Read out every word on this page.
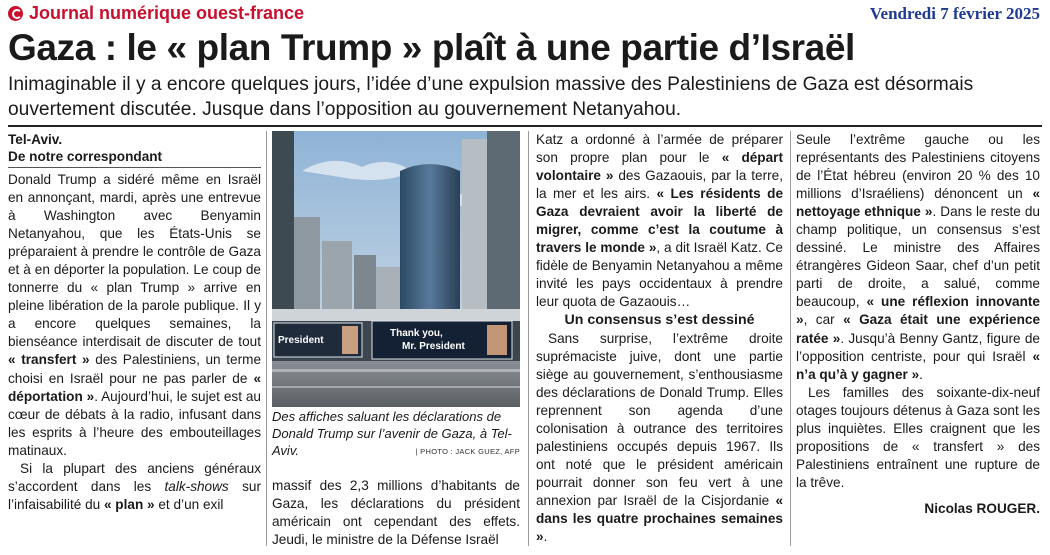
Journal numérique ouest-france	Vendredi 7 février 2025
Gaza : le « plan Trump » plaît à une partie d’Israël
Inimaginable il y a encore quelques jours, l’idée d’une expulsion massive des Palestiniens de Gaza est désormais ouvertement discutée. Jusque dans l’opposition au gouvernement Netanyahou.
Tel-Aviv.
De notre correspondant

Donald Trump a sidéré même en Israël en annonçant, mardi, après une entrevue à Washington avec Benyamin Netanyahou, que les États-Unis se préparaient à prendre le contrôle de Gaza et à en déporter la population. Le coup de tonnerre du « plan Trump » arrive en pleine libération de la parole publique. Il y a encore quelques semaines, la bienséance interdisait de discuter de tout « transfert » des Palestiniens, un terme choisi en Israël pour ne pas parler de « déportation ». Aujourd’hui, le sujet est au cœur de débats à la radio, infusant dans les esprits à l’heure des embouteillages matinaux.

Si la plupart des anciens généraux s’accordent dans les talk-shows sur l’infaisabilité du « plan » et d’un exil

President
Thank you,
Mr. President
Des affiches saluant les déclarations de Donald Trump sur l’avenir de Gaza, à Tel-Aviv.	| PHOTO : JACK GUEZ, AFP
massif des 2,3 millions d’habitants de Gaza, les déclarations du président américain ont cependant des effets. Jeudi, le ministre de la Défense Israël

Katz a ordonné à l’armée de préparer son propre plan pour le « départ volontaire » des Gazaouis, par la terre, la mer et les airs. « Les résidents de Gaza devraient avoir la liberté de migrer, comme c’est la coutume à travers le monde », a dit Israël Katz. Ce fidèle de Benyamin Netanyahou a même invité les pays occidentaux à prendre leur quota de Gazaouis…

Un consensus s’est dessiné

Sans surprise, l’extrême droite suprémaciste juive, dont une partie siège au gouvernement, s’enthousiasme des déclarations de Donald Trump. Elles reprennent son agenda d’une colonisation à outrance des territoires palestiniens occupés depuis 1967. Ils ont noté que le président américain pourrait donner son feu vert à une annexion par Israël de la Cisjordanie « dans les quatre prochaines semaines ».

Seule l’extrême gauche ou les représentants des Palestiniens citoyens de l’État hébreu (environ 20 % des 10 millions d’Israéliens) dénoncent un « nettoyage ethnique ». Dans le reste du champ politique, un consensus s’est dessiné. Le ministre des Affaires étrangères Gideon Saar, chef d’un petit parti de droite, a salué, comme beaucoup, « une réflexion innovante », car « Gaza était une expérience ratée ». Jusqu’à Benny Gantz, figure de l’opposition centriste, pour qui Israël « n’a qu’à y gagner ».

Les familles des soixante-dix-neuf otages toujours détenus à Gaza sont les plus inquiètes. Elles craignent que les propositions de « transfert » des Palestiniens entraînent une rupture de la trêve.

Nicolas ROUGER.
